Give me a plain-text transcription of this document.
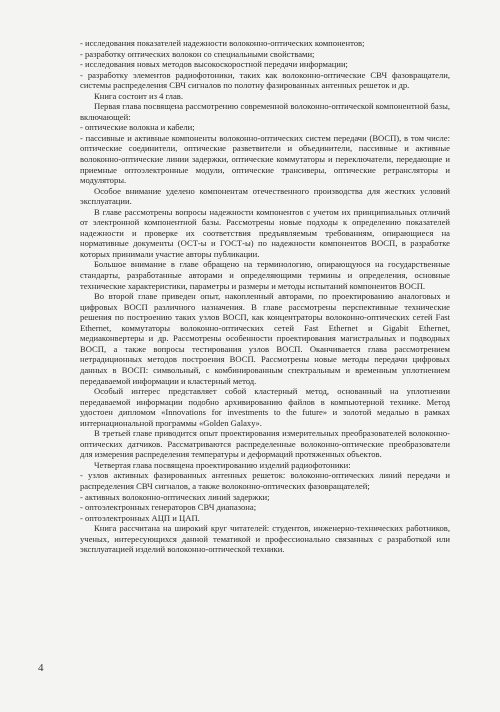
- исследования показателей надежности волоконно-оптических компонентов;

- разработку оптических волокон со специальными свойствами;

- исследования новых методов высокоскоростной передачи информации;

- разработку элементов радиофотоники, таких как волоконно-оптические СВЧ фазовращатели, системы распределения СВЧ сигналов по полотну фазированных антенных решеток и др.

Книга состоит из 4 глав.

Первая глава посвящена рассмотрению современной волоконно-оптической компонентной базы, включающей:

- оптические волокна и кабели;

- пассивные и активные компоненты волоконно-оптических систем передачи (ВОСП), в том числе: оптические соединители, оптические разветвители и объединители, пассивные и активные волоконно-оптические линии задержки, оптические коммутаторы и переключатели, передающие и приемные оптоэлектронные модули, оптические трансиверы, оптические ретрансляторы и модуляторы.

Особое внимание уделено компонентам отечественного производства для жестких условий эксплуатации.

В главе рассмотрены вопросы надежности компонентов с учетом их принципиальных отличий от электронной компонентной базы. Рассмотрены новые подходы к определению показателей надежности и проверке их соответствия предъявляемым требованиям, опирающиеся на нормативные документы (ОСТ-ы и ГОСТ-ы) по надежности компонентов ВОСП, в разработке которых принимали участие авторы публикации.

Большое внимание в главе обращено на терминологию, опирающуюся на государственные стандарты, разработанные авторами и определяющими термины и определения, основные технические характеристики, параметры и размеры и методы испытаний компонентов ВОСП.

Во второй главе приведен опыт, накопленный авторами, по проектированию аналоговых и цифровых ВОСП различного назначения. В главе рассмотрены перспективные технические решения по построению таких узлов ВОСП, как концентраторы волоконно-оптических сетей Fast Ethernet, коммутаторы волоконно-оптических сетей Fast Ethernet и Gigabit Ethernet, медиаконвертеры и др. Рассмотрены особенности проектирования магистральных и подводных ВОСП, а также вопросы тестирования узлов ВОСП. Оканчивается глава рассмотрением нетрадиционных методов построения ВОСП. Рассмотрены новые методы передачи цифровых данных в ВОСП: символьный, с комбинированным спектральным и временным уплотнением передаваемой информации и кластерный метод.

Особый интерес представляет собой кластерный метод, основанный на уплотнении передаваемой информации подобно архивированию файлов в компьютерной технике. Метод удостоен дипломом «Innovations for investments to the future» и золотой медалью в рамках интернациональной программы «Golden Galaxy».

В третьей главе приводится опыт проектирования измерительных преобразователей волоконно-оптических датчиков. Рассматриваются распределенные волоконно-оптические преобразователи для измерения распределения температуры и деформаций протяженных объектов.

Четвертая глава посвящена проектированию изделий радиофотоники:

- узлов активных фазированных антенных решеток: волоконно-оптических линий передачи и распределения СВЧ сигналов, а также волоконно-оптических фазовращателей;

- активных волоконно-оптических линий задержки;

- оптоэлектронных генераторов СВЧ диапазона;

- оптоэлектронных АЦП и ЦАП.

Книга рассчитана на широкий круг читателей: студентов, инженерно-технических работников, ученых, интересующихся данной тематикой и профессионально связанных с разработкой или эксплуатацией изделий волоконно-оптической техники.

4
